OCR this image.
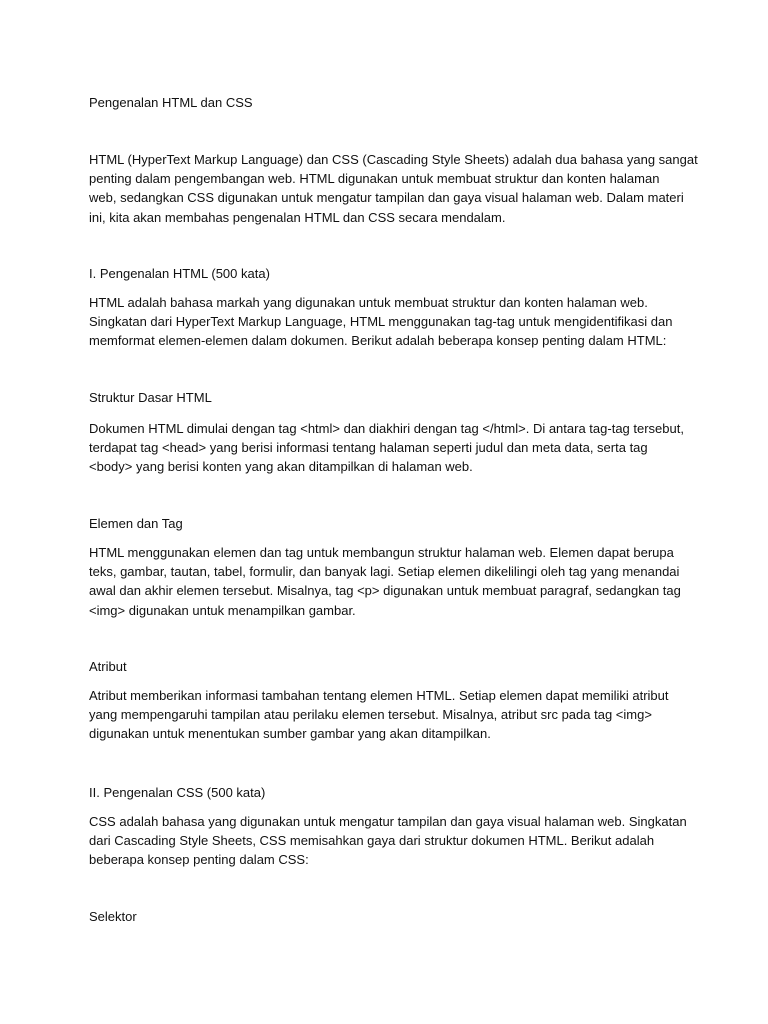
Pengenalan HTML dan CSS

HTML (HyperText Markup Language) dan CSS (Cascading Style Sheets) adalah dua bahasa yang sangat
penting dalam pengembangan web. HTML digunakan untuk membuat struktur dan konten halaman
web, sedangkan CSS digunakan untuk mengatur tampilan dan gaya visual halaman web. Dalam materi
ini, kita akan membahas pengenalan HTML dan CSS secara mendalam.

I. Pengenalan HTML (500 kata)

HTML adalah bahasa markah yang digunakan untuk membuat struktur dan konten halaman web.
Singkatan dari HyperText Markup Language, HTML menggunakan tag-tag untuk mengidentifikasi dan
memformat elemen-elemen dalam dokumen. Berikut adalah beberapa konsep penting dalam HTML:

Struktur Dasar HTML

Dokumen HTML dimulai dengan tag <html> dan diakhiri dengan tag </html>. Di antara tag-tag tersebut,
terdapat tag <head> yang berisi informasi tentang halaman seperti judul dan meta data, serta tag
<body> yang berisi konten yang akan ditampilkan di halaman web.

Elemen dan Tag

HTML menggunakan elemen dan tag untuk membangun struktur halaman web. Elemen dapat berupa
teks, gambar, tautan, tabel, formulir, dan banyak lagi. Setiap elemen dikelilingi oleh tag yang menandai
awal dan akhir elemen tersebut. Misalnya, tag <p> digunakan untuk membuat paragraf, sedangkan tag
<img> digunakan untuk menampilkan gambar.

Atribut

Atribut memberikan informasi tambahan tentang elemen HTML. Setiap elemen dapat memiliki atribut
yang mempengaruhi tampilan atau perilaku elemen tersebut. Misalnya, atribut src pada tag <img>
digunakan untuk menentukan sumber gambar yang akan ditampilkan.

II. Pengenalan CSS (500 kata)

CSS adalah bahasa yang digunakan untuk mengatur tampilan dan gaya visual halaman web. Singkatan
dari Cascading Style Sheets, CSS memisahkan gaya dari struktur dokumen HTML. Berikut adalah
beberapa konsep penting dalam CSS:

Selektor
